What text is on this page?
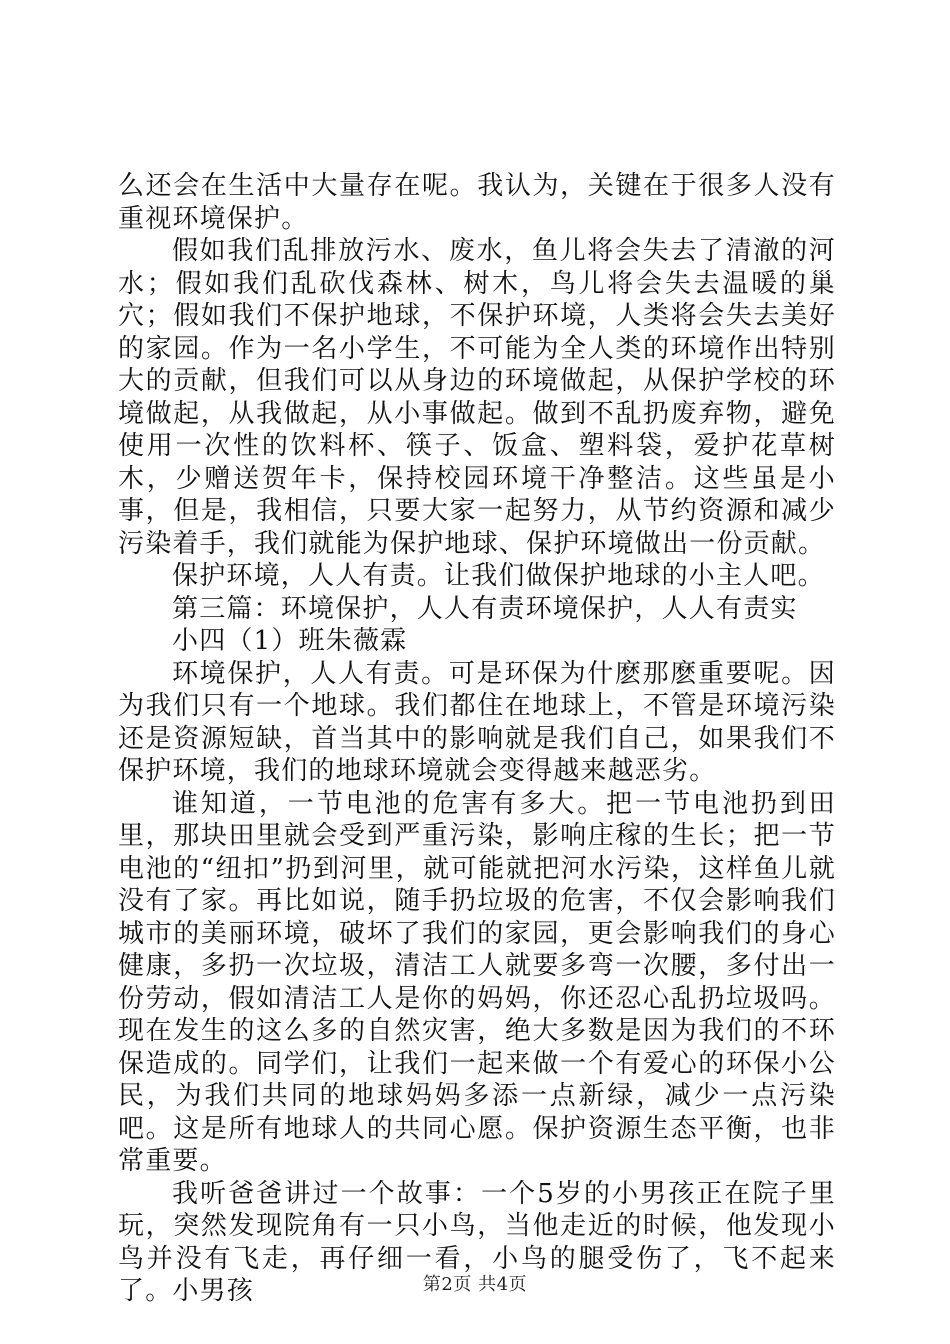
么还会在生活中大量存在呢。我认为，关键在于很多人没有重视环境保护。

假如我们乱排放污水、废水，鱼儿将会失去了清澈的河水；假如我们乱砍伐森林、树木，鸟儿将会失去温暖的巢穴；假如我们不保护地球，不保护环境，人类将会失去美好的家园。作为一名小学生，不可能为全人类的环境作出特别大的贡献，但我们可以从身边的环境做起，从保护学校的环境做起，从我做起，从小事做起。做到不乱扔废弃物，避免使用一次性的饮料杯、筷子、饭盒、塑料袋，爱护花草树木，少赠送贺年卡，保持校园环境干净整洁。这些虽是小事，但是，我相信，只要大家一起努力，从节约资源和减少污染着手，我们就能为保护地球、保护环境做出一份贡献。

保护环境，人人有责。让我们做保护地球的小主人吧。

第三篇：环境保护，人人有责环境保护，人人有责实

小四（1）班朱薇霖

环境保护，人人有责。可是环保为什麽那麽重要呢。因为我们只有一个地球。我们都住在地球上，不管是环境污染还是资源短缺，首当其中的影响就是我们自己，如果我们不保护环境，我们的地球环境就会变得越来越恶劣。

谁知道，一节电池的危害有多大。把一节电池扔到田里，那块田里就会受到严重污染，影响庄稼的生长；把一节电池的“纽扣”扔到河里，就可能就把河水污染，这样鱼儿就没有了家。再比如说，随手扔垃圾的危害，不仅会影响我们城市的美丽环境，破坏了我们的家园，更会影响我们的身心健康，多扔一次垃圾，清洁工人就要多弯一次腰，多付出一份劳动，假如清洁工人是你的妈妈，你还忍心乱扔垃圾吗。现在发生的这么多的自然灾害，绝大多数是因为我们的不环保造成的。同学们，让我们一起来做一个有爱心的环保小公民，为我们共同的地球妈妈多添一点新绿，减少一点污染吧。这是所有地球人的共同心愿。保护资源生态平衡，也非常重要。

我听爸爸讲过一个故事：一个5岁的小男孩正在院子里玩，突然发现院角有一只小鸟，当他走近的时候，他发现小鸟并没有飞走，再仔细一看，小鸟的腿受伤了，飞不起来了。小男孩	第2页 共4页
